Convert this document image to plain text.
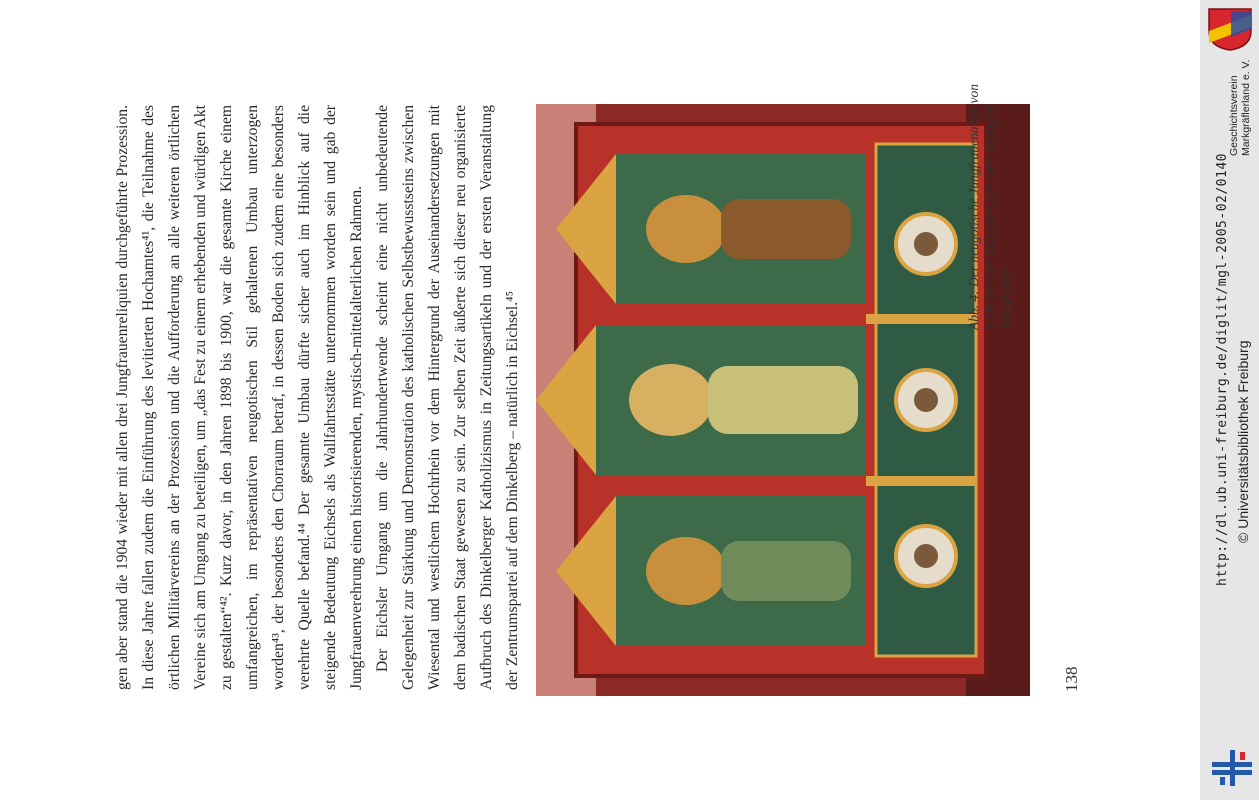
gen aber stand die 1904 wieder mit allen drei Jungfrauenreliquien durchgeführte Prozession. In diese Jahre fallen zudem die Einführung des levitierten Hochamtes⁴¹, die Teilnahme des örtlichen Militärvereins an der Prozession und die Aufforderung an alle weiteren örtlichen Vereine sich am Umgang zu beteiligen, um „das Fest zu einem erhebenden und würdigen Akt zu gestalten“⁴². Kurz davor, in den Jahren 1898 bis 1900, war die gesamte Kirche einem umfangreichen, im repräsentativen neugotischen Stil gehaltenen Umbau unterzogen worden⁴³, der besonders den Chorraum betraf, in dessen Boden sich zudem eine besonders verehrte Quelle befand.⁴⁴ Der gesamte Umbau dürfte sicher auch im Hinblick auf die steigende Bedeutung Eichsels als Wallfahrtsstätte unternommen worden sein und gab der Jungfrauenverehrung einen historisierenden, mystisch-mittelalterlichen Rahmen. Der Eichsler Umgang um die Jahrhundertwende scheint eine nicht unbedeutende Gelegenheit zur Stärkung und Demonstration des katholischen Selbstbewusstseins zwischen Wiesental und westlichem Hochrhein vor dem Hintergrund der Auseinandersetzungen mit dem badischen Staat gewesen zu sein. Zur selben Zeit äußerte sich dieser neu organisierte Aufbruch des Dinkelberger Katholizismus in Zeitungsartikeln und der ersten Veranstaltung der Zentrumspartei auf dem Dinkelberg – natürlich in Eichsel.⁴⁵

Abb. 4: Der neugotische Jungfrauenaltar von 1900 mit den Reliquien der Drei Heiligen Jungfrauen
138
http://dl.ub.uni-freiburg.de/diglit/mgl-2005-02/0140 © Universitätsbibliothek Freiburg
Geschichtsverein Markgräflerland e. V.
